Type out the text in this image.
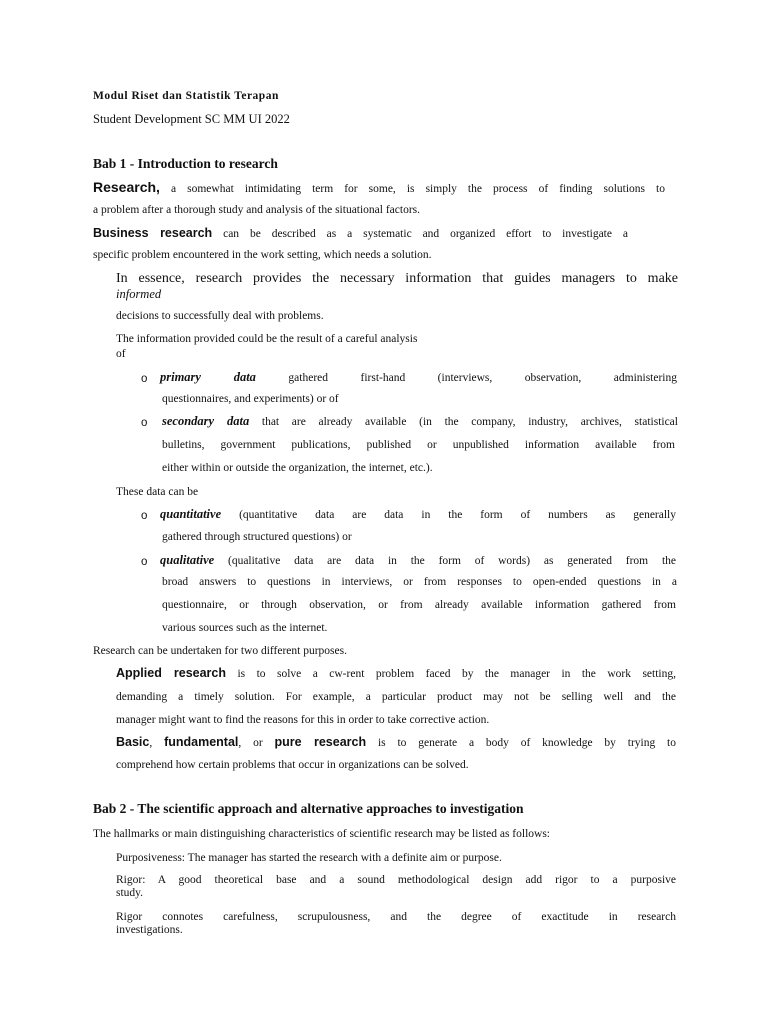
Modul Riset dan Statistik Terapan
Student Development SC MM UI 2022
Bab 1 - Introduction to research
Research, a somewhat intimidating term for some, is simply the process of finding solutions to
a problem after a thorough study and analysis of the situational factors.
Business research can be described as a systematic and organized effort to investigate a
specific problem encountered in the work setting, which needs a solution.
In essence, research provides the necessary information that guides managers to make
informed
decisions to successfully deal with problems.
The information provided could be the result of a careful analysis
of
o primary data gathered first-hand (interviews, observation, administering
questionnaires, and experiments) or of
o secondary data that are already available (in the company, industry, archives, statistical
bulletins, government publications, published or unpublished information available from
either within or outside the organization, the internet, etc.).
These data can be
o quantitative (quantitative data are data in the form of numbers as generally
gathered through structured questions) or
o qualitative (qualitative data are data in the form of words) as generated from the
broad answers to questions in interviews, or from responses to open-ended questions in a
questionnaire, or through observation, or from already available information gathered from
various sources such as the internet.
Research can be undertaken for two different purposes.
Applied research is to solve a cw-rent problem faced by the manager in the work setting,
demanding a timely solution. For example, a particular product may not be selling well and the
manager might want to find the reasons for this in order to take corrective action.
Basic, fundamental, or pure research is to generate a body of knowledge by trying to
comprehend how certain problems that occur in organizations can be solved.
Bab 2 - The scientific approach and alternative approaches to investigation
The hallmarks or main distinguishing characteristics of scientific research may be listed as follows:
Purposiveness: The manager has started the research with a definite aim or purpose.
Rigor: A good theoretical base and a sound methodological design add rigor to a purposive
study.
Rigor connotes carefulness, scrupulousness, and the degree of exactitude in research
investigations.
